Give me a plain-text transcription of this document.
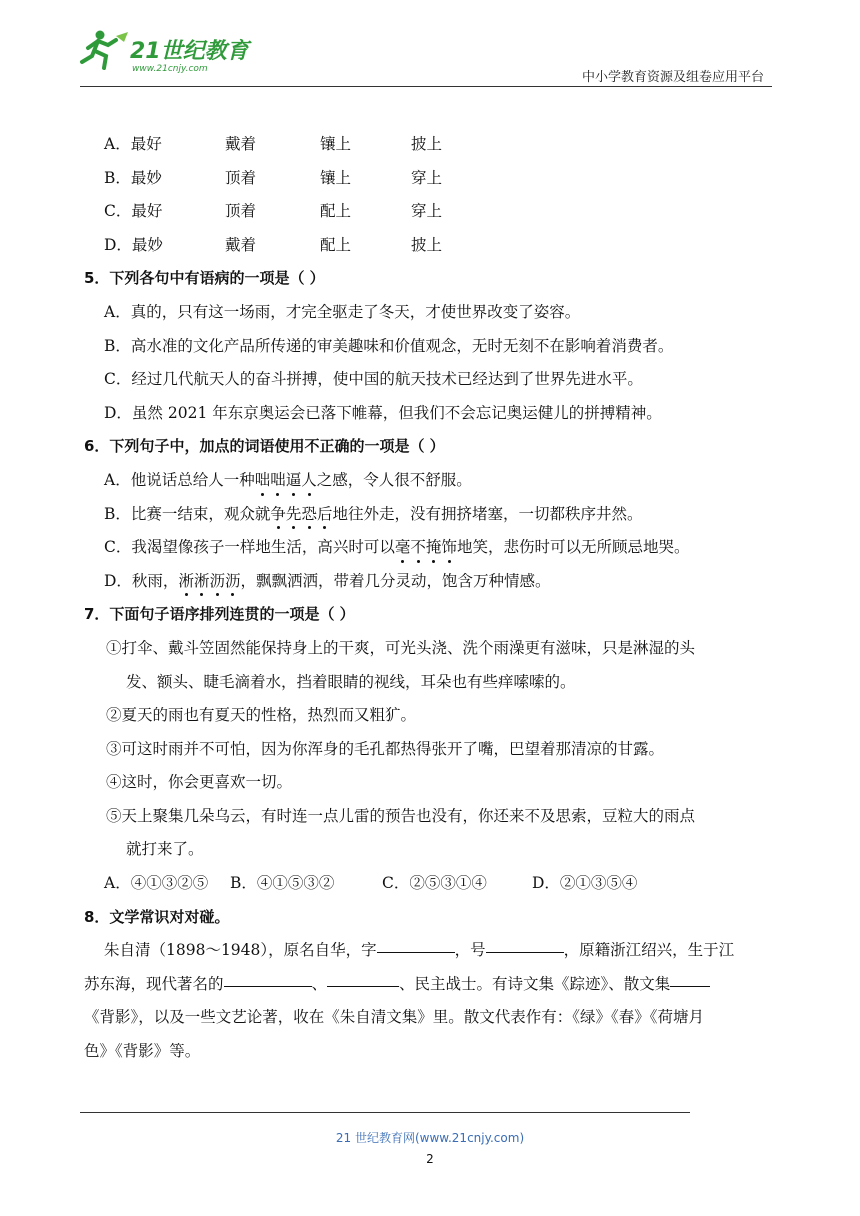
21世纪教育
www.21cnjy.com
中小学教育资源及组卷应用平台
A．最好	戴着	镶上	披上
B．最妙	顶着	镶上	穿上
C．最好	顶着	配上	穿上
D．最妙	戴着	配上	披上
5．下列各句中有语病的一项是（ ）
A．真的，只有这一场雨，才完全驱走了冬天，才使世界改变了姿容。
B．高水准的文化产品所传递的审美趣味和价值观念，无时无刻不在影响着消费者。
C．经过几代航天人的奋斗拼搏，使中国的航天技术已经达到了世界先进水平。
D．虽然 2021 年东京奥运会已落下帷幕，但我们不会忘记奥运健儿的拼搏精神。
6．下列句子中，加点的词语使用不正确的一项是（ ）
A．他说话总给人一种咄咄逼人之感，令人很不舒服。
B．比赛一结束，观众就争先恐后地往外走，没有拥挤堵塞，一切都秩序井然。
C．我渴望像孩子一样地生活，高兴时可以毫不掩饰地笑，悲伤时可以无所顾忌地哭。
D．秋雨，淅淅沥沥，飘飘洒洒，带着几分灵动，饱含万种情感。
7．下面句子语序排列连贯的一项是（ ）
①打伞、戴斗笠固然能保持身上的干爽，可光头浇、洗个雨澡更有滋味，只是淋湿的头
发、额头、睫毛滴着水，挡着眼睛的视线，耳朵也有些痒嗦嗦的。
②夏天的雨也有夏天的性格，热烈而又粗犷。
③可这时雨并不可怕，因为你浑身的毛孔都热得张开了嘴，巴望着那清凉的甘露。
④这时，你会更喜欢一切。
⑤天上聚集几朵乌云，有时连一点儿雷的预告也没有，你还来不及思索，豆粒大的雨点
就打来了。
A．④①③②⑤ B．④①⑤③②	C．②⑤③①④	D．②①③⑤④
8．文学常识对对碰。
朱自清（1898～1948），原名自华，字	，号	，原籍浙江绍兴，生于江
苏东海，现代著名的	、	、民主战士。有诗文集《踪迹》、散文集
《背影》，以及一些文艺论著，收在《朱自清文集》里。散文代表作有：《绿》《春》《荷塘月
色》《背影》等。
21 世纪教育网(www.21cnjy.com)
2
